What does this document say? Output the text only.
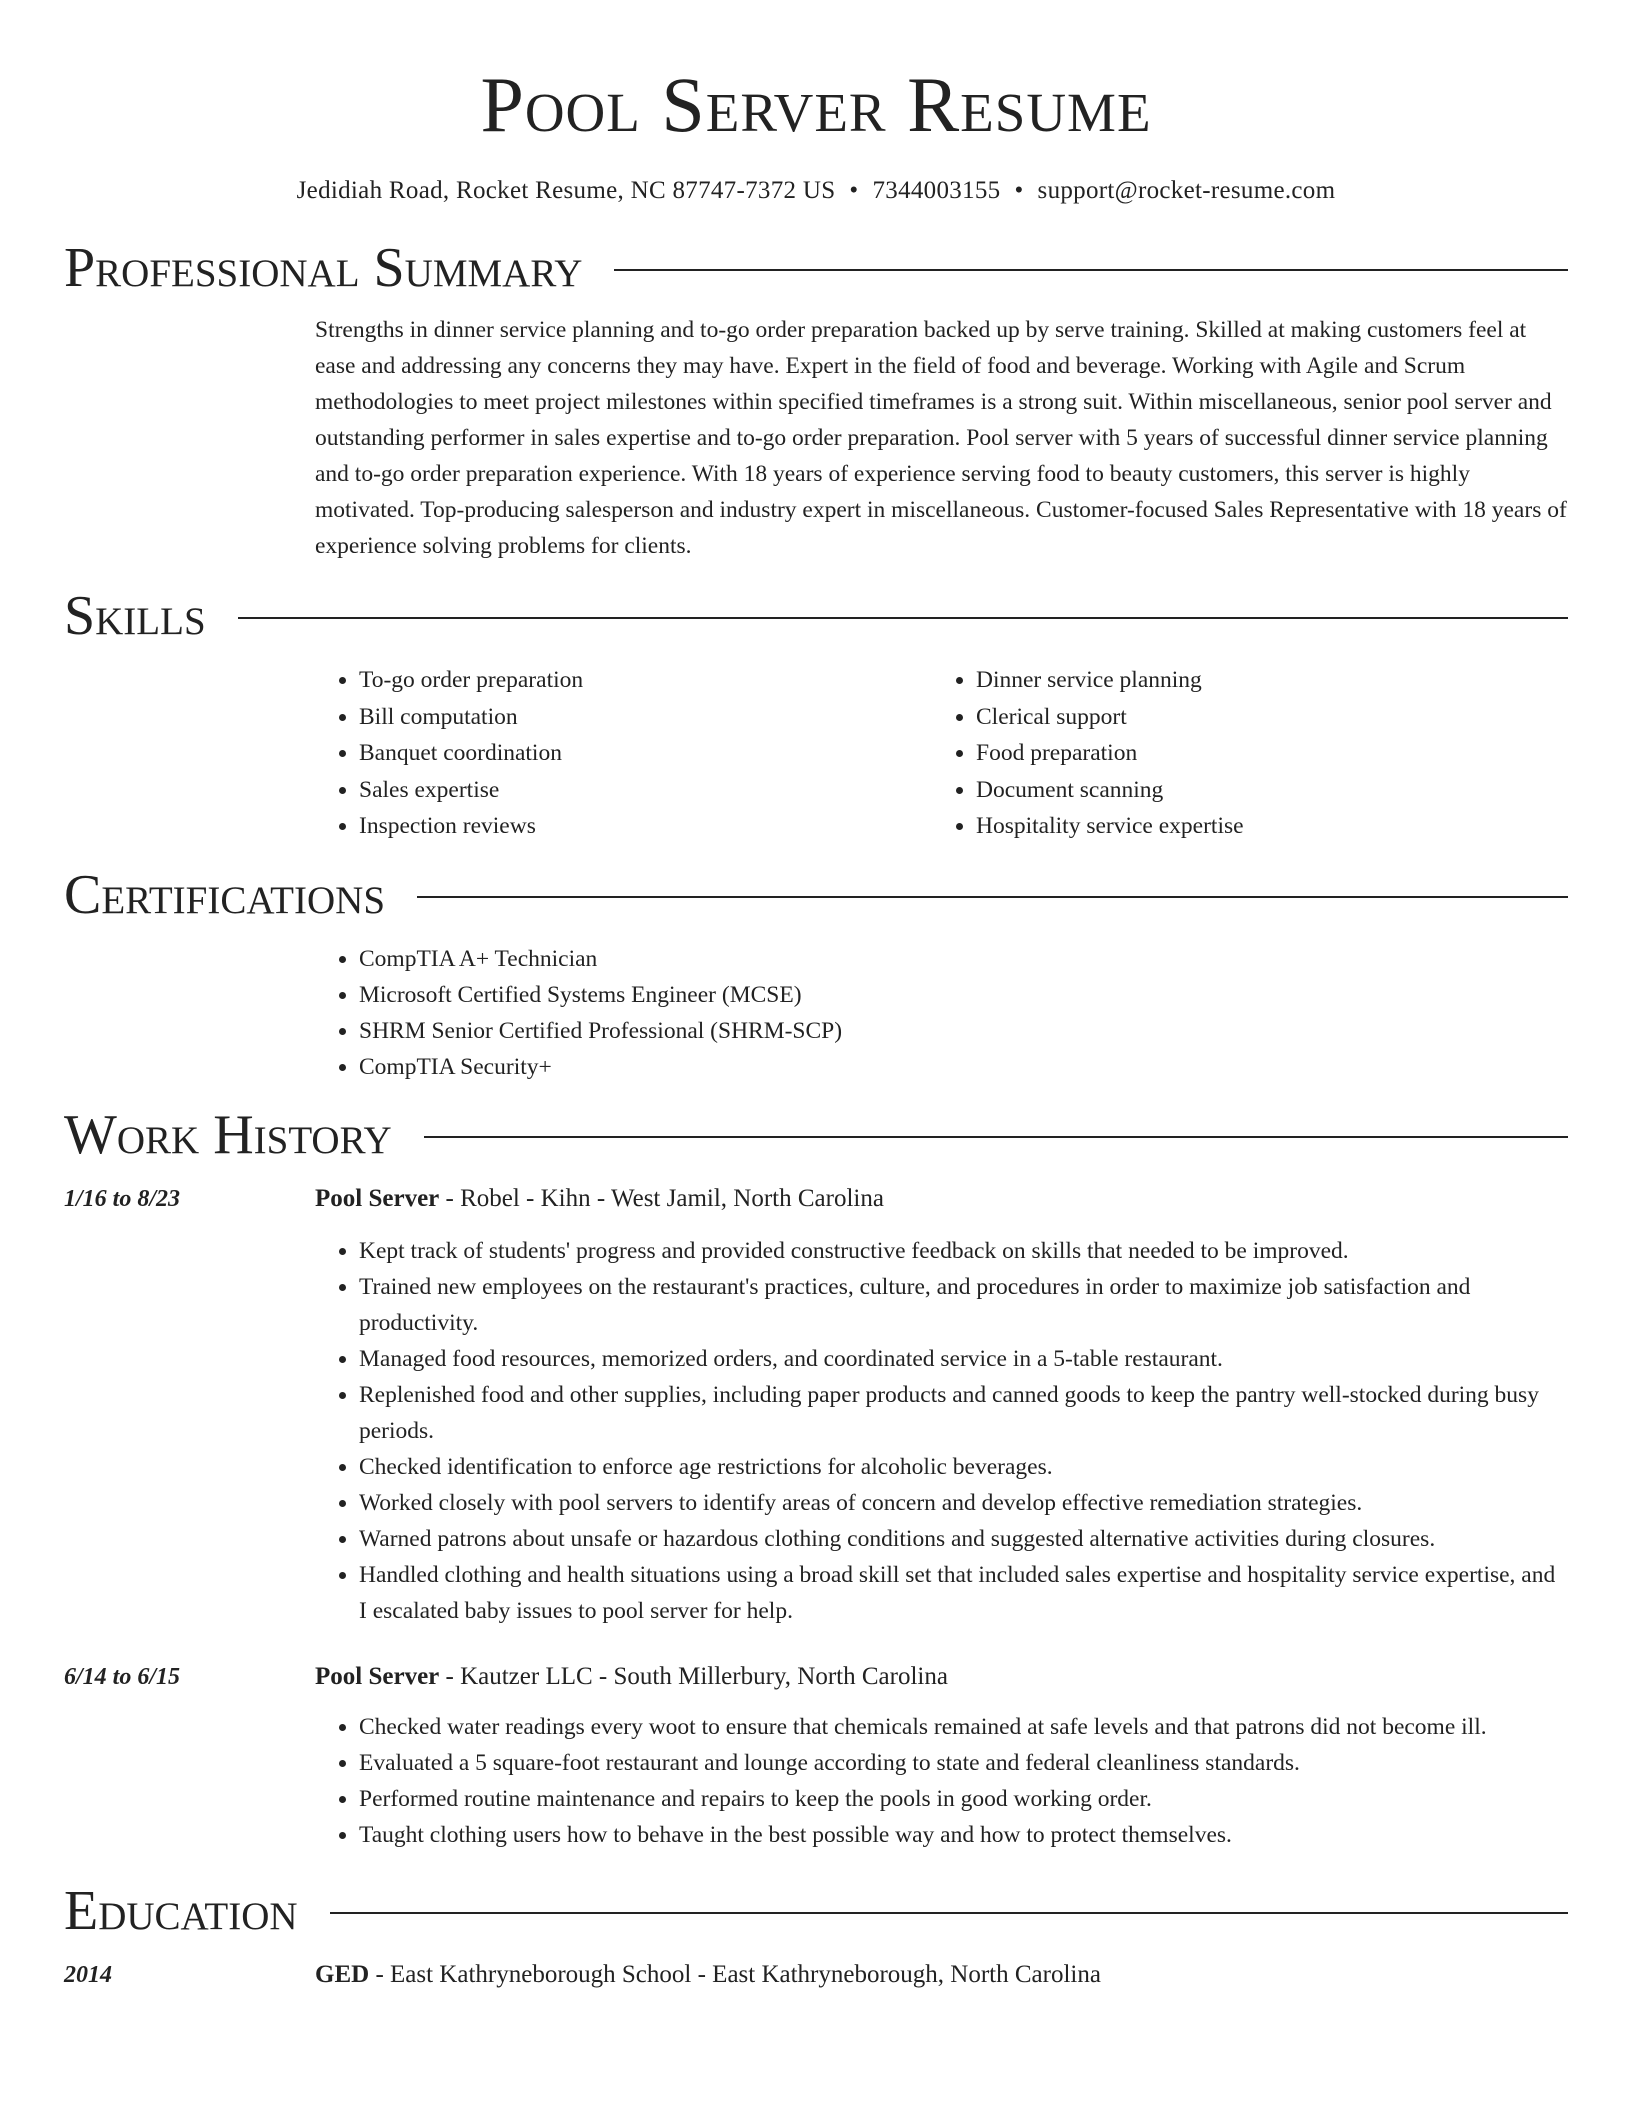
Pool Server Resume
Jedidiah Road, Rocket Resume, NC 87747-7372 US • 7344003155 • support@rocket-resume.com
Professional Summary

Strengths in dinner service planning and to-go order preparation backed up by serve training. Skilled at making customers feel at ease and addressing any concerns they may have. Expert in the field of food and beverage. Working with Agile and Scrum methodologies to meet project milestones within specified timeframes is a strong suit. Within miscellaneous, senior pool server and outstanding performer in sales expertise and to-go order preparation. Pool server with 5 years of successful dinner service planning and to-go order preparation experience. With 18 years of experience serving food to beauty customers, this server is highly motivated. Top-producing salesperson and industry expert in miscellaneous. Customer-focused Sales Representative with 18 years of experience solving problems for clients.

Skills
• To-go order preparation
• Bill computation
• Banquet coordination
• Sales expertise
• Inspection reviews
• Dinner service planning
• Clerical support
• Food preparation
• Document scanning
• Hospitality service expertise
Certifications
• CompTIA A+ Technician
• Microsoft Certified Systems Engineer (MCSE)
• SHRM Senior Certified Professional (SHRM-SCP)
• CompTIA Security+
Work History
1/16 to 8/23	Pool Server - Robel - Kihn - West Jamil, North Carolina
• Kept track of students' progress and provided constructive feedback on skills that needed to be improved.
• Trained new employees on the restaurant's practices, culture, and procedures in order to maximize job satisfaction and productivity.
• Managed food resources, memorized orders, and coordinated service in a 5-table restaurant.
• Replenished food and other supplies, including paper products and canned goods to keep the pantry well-stocked during busy periods.
• Checked identification to enforce age restrictions for alcoholic beverages.
• Worked closely with pool servers to identify areas of concern and develop effective remediation strategies.
• Warned patrons about unsafe or hazardous clothing conditions and suggested alternative activities during closures.
• Handled clothing and health situations using a broad skill set that included sales expertise and hospitality service expertise, and I escalated baby issues to pool server for help.
6/14 to 6/15	Pool Server - Kautzer LLC - South Millerbury, North Carolina
• Checked water readings every woot to ensure that chemicals remained at safe levels and that patrons did not become ill.
• Evaluated a 5 square-foot restaurant and lounge according to state and federal cleanliness standards.
• Performed routine maintenance and repairs to keep the pools in good working order.
• Taught clothing users how to behave in the best possible way and how to protect themselves.
Education
2014	GED - East Kathryneborough School - East Kathryneborough, North Carolina
